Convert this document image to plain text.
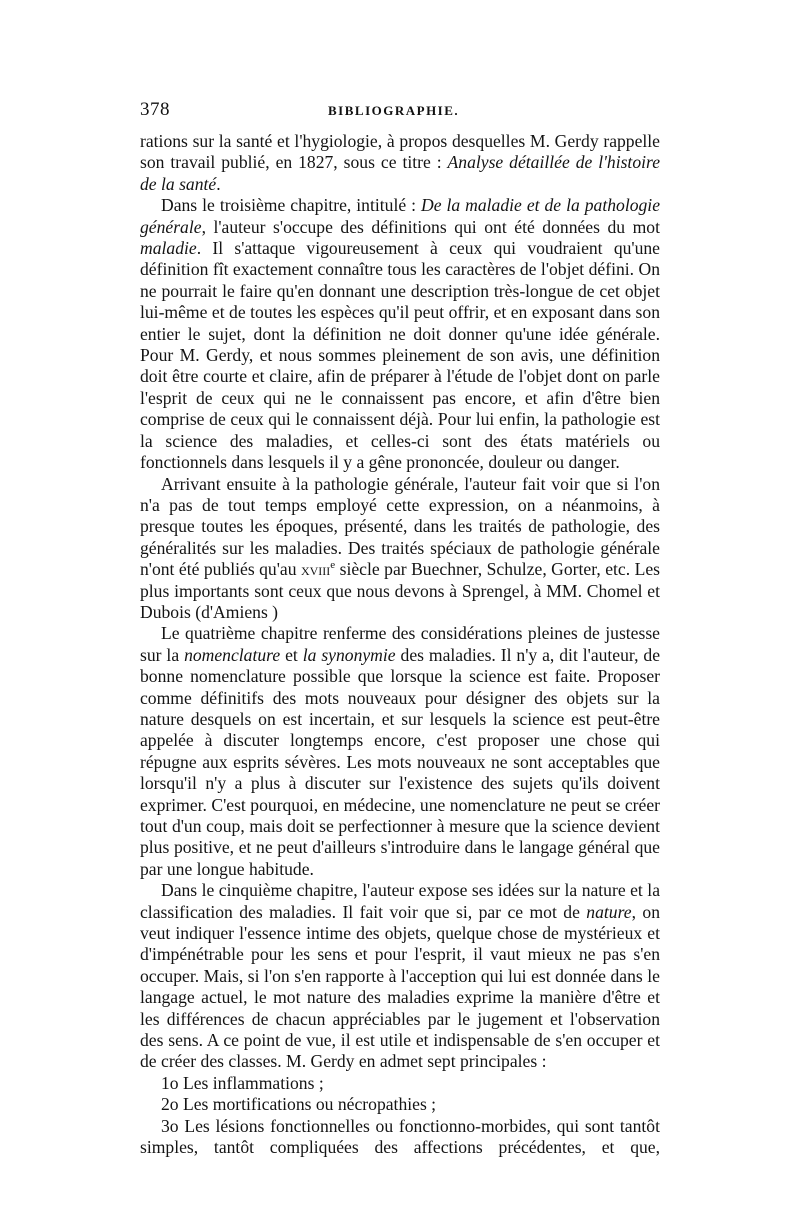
378	BIBLIOGRAPHIE.

rations sur la santé et l'hygiologie, à propos desquelles M. Gerdy rappelle son travail publié, en 1827, sous ce titre : Analyse détaillée de l'histoire de la santé.

Dans le troisième chapitre, intitulé : De la maladie et de la pathologie générale, l'auteur s'occupe des définitions qui ont été données du mot maladie. Il s'attaque vigoureusement à ceux qui voudraient qu'une définition fît exactement connaître tous les caractères de l'objet défini. On ne pourrait le faire qu'en donnant une description très-longue de cet objet lui-même et de toutes les espèces qu'il peut offrir, et en exposant dans son entier le sujet, dont la définition ne doit donner qu'une idée générale. Pour M. Gerdy, et nous sommes pleinement de son avis, une définition doit être courte et claire, afin de préparer à l'étude de l'objet dont on parle l'esprit de ceux qui ne le connaissent pas encore, et afin d'être bien comprise de ceux qui le connaissent déjà. Pour lui enfin, la pathologie est la science des maladies, et celles-ci sont des états matériels ou fonctionnels dans lesquels il y a gêne prononcée, douleur ou danger.

Arrivant ensuite à la pathologie générale, l'auteur fait voir que si l'on n'a pas de tout temps employé cette expression, on a néanmoins, à presque toutes les époques, présenté, dans les traités de pathologie, des généralités sur les maladies. Des traités spéciaux de pathologie générale n'ont été publiés qu'au xviii$^e$ siècle par Buechner, Schulze, Gorter, etc. Les plus importants sont ceux que nous devons à Sprengel, à MM. Chomel et Dubois (d'Amiens )

Le quatrième chapitre renferme des considérations pleines de justesse sur la nomenclature et la synonymie des maladies. Il n'y a, dit l'auteur, de bonne nomenclature possible que lorsque la science est faite. Proposer comme définitifs des mots nouveaux pour désigner des objets sur la nature desquels on est incertain, et sur lesquels la science est peut-être appelée à discuter longtemps encore, c'est proposer une chose qui répugne aux esprits sévères. Les mots nouveaux ne sont acceptables que lorsqu'il n'y a plus à discuter sur l'existence des sujets qu'ils doivent exprimer. C'est pourquoi, en médecine, une nomenclature ne peut se créer tout d'un coup, mais doit se perfectionner à mesure que la science devient plus positive, et ne peut d'ailleurs s'introduire dans le langage général que par une longue habitude.

Dans le cinquième chapitre, l'auteur expose ses idées sur la nature et la classification des maladies. Il fait voir que si, par ce mot de nature, on veut indiquer l'essence intime des objets, quelque chose de mystérieux et d'impénétrable pour les sens et pour l'esprit, il vaut mieux ne pas s'en occuper. Mais, si l'on s'en rapporte à l'acception qui lui est donnée dans le langage actuel, le mot nature des maladies exprime la manière d'être et les différences de chacun appréciables par le jugement et l'observation des sens. A ce point de vue, il est utile et indispensable de s'en occuper et de créer des classes. M. Gerdy en admet sept principales :

1o Les inflammations ;

2o Les mortifications ou nécropathies ;

3o Les lésions fonctionnelles ou fonctionno-morbides, qui sont tantôt simples, tantôt compliquées des affections précédentes, et que,
